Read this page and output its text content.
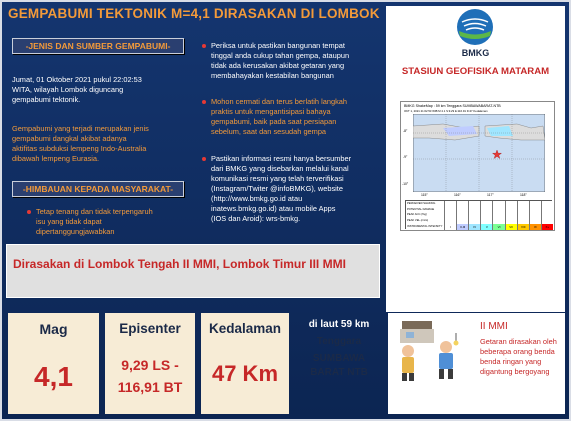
GEMPABUMI TEKTONIK M=4,1 DIRASAKAN DI LOMBOK
-JENIS DAN SUMBER GEMPABUMI-
Jumat, 01 Oktober 2021 pukul 22:02:53
WITA, wilayah Lombok diguncang
gempabumi tektonik.
Gempabumi yang terjadi merupakan jenis
gempabumi dangkal akibat adanya
aktifitas subduksi lempeng Indo-Australia
dibawah lempeng Eurasia.
-HIMBAUAN KEPADA MASYARAKAT-
Tetap tenang dan tidak terpengaruh
isu yang tidak dapat
dipertanggungjawabkan
Periksa untuk pastikan bangunan tempat
tinggal anda cukup tahan gempa, ataupun
tidak ada kerusakan akibat getaran yang
membahayakan kestabilan bangunan
Mohon cermati dan terus berlatih langkah
praktis untuk mengantisipasi bahaya
gempabumi, baik pada saat persiapan
sebelum, saat dan sesudah gempa
Pastikan informasi resmi hanya bersumber
dari BMKG yang disebarkan melalui kanal
komunikasi resmi yang telah terverifikasi
(Instagram/Twiter @infoBMKG), website
(http://www.bmkg.go.id atau
inatews.bmkg.go.id) atau mobile Apps
(IOS dan Aroid): wrs-bmkg.
BMKG
STASIUN GEOFISIKA MATARAM
BMKG ShakeMap : 59 km Tenggara SUMBAWABARAT-NTB
OKT 1, 2021 21:02:53 WIB M 4.1 S:9.29 E:116.91 D:47 Kedalaman
-8°
-9°
-10°
115°	116°	117°	118°
PERCEIVED SHAKING
POTENTIAL DAMAGE
PEAK ACC.(%g)
PEAK VEL.(cm/s)
INSTRUMENTAL INTENSITY	I	II-III	IV	V	VI	VII	VIII	IX	X+
Dirasakan di Lombok Tengah II MMI, Lombok Timur III MMI
Mag
4,1
Episenter
9,29 LS -
116,91 BT
Kedalaman
47 Km
di laut 59 km
Tenggara
SUMBAWA
BARAT NTB
II MMI
Getaran dirasakan oleh
beberapa orang benda
benda ringan yang
digantung bergoyang
